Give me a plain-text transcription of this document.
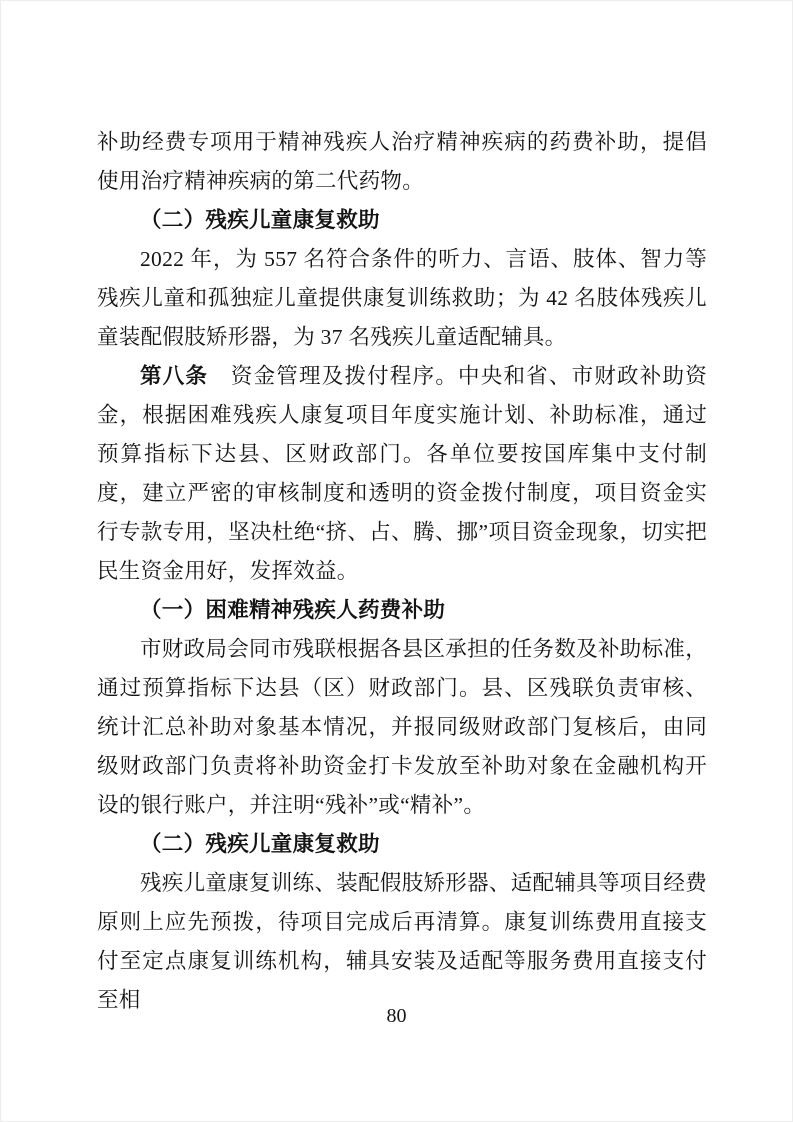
补助经费专项用于精神残疾人治疗精神疾病的药费补助，提倡使用治疗精神疾病的第二代药物。

（二）残疾儿童康复救助

2022 年，为 557 名符合条件的听力、言语、肢体、智力等残疾儿童和孤独症儿童提供康复训练救助；为 42 名肢体残疾儿童装配假肢矫形器，为 37 名残疾儿童适配辅具。

第八条　资金管理及拨付程序。中央和省、市财政补助资金，根据困难残疾人康复项目年度实施计划、补助标准，通过预算指标下达县、区财政部门。各单位要按国库集中支付制度，建立严密的审核制度和透明的资金拨付制度，项目资金实行专款专用，坚决杜绝“挤、占、腾、挪”项目资金现象，切实把民生资金用好，发挥效益。

（一）困难精神残疾人药费补助

市财政局会同市残联根据各县区承担的任务数及补助标准，通过预算指标下达县（区）财政部门。县、区残联负责审核、统计汇总补助对象基本情况，并报同级财政部门复核后，由同级财政部门负责将补助资金打卡发放至补助对象在金融机构开设的银行账户，并注明“残补”或“精补”。

（二）残疾儿童康复救助

残疾儿童康复训练、装配假肢矫形器、适配辅具等项目经费原则上应先预拨，待项目完成后再清算。康复训练费用直接支付至定点康复训练机构，辅具安装及适配等服务费用直接支付至相

80
